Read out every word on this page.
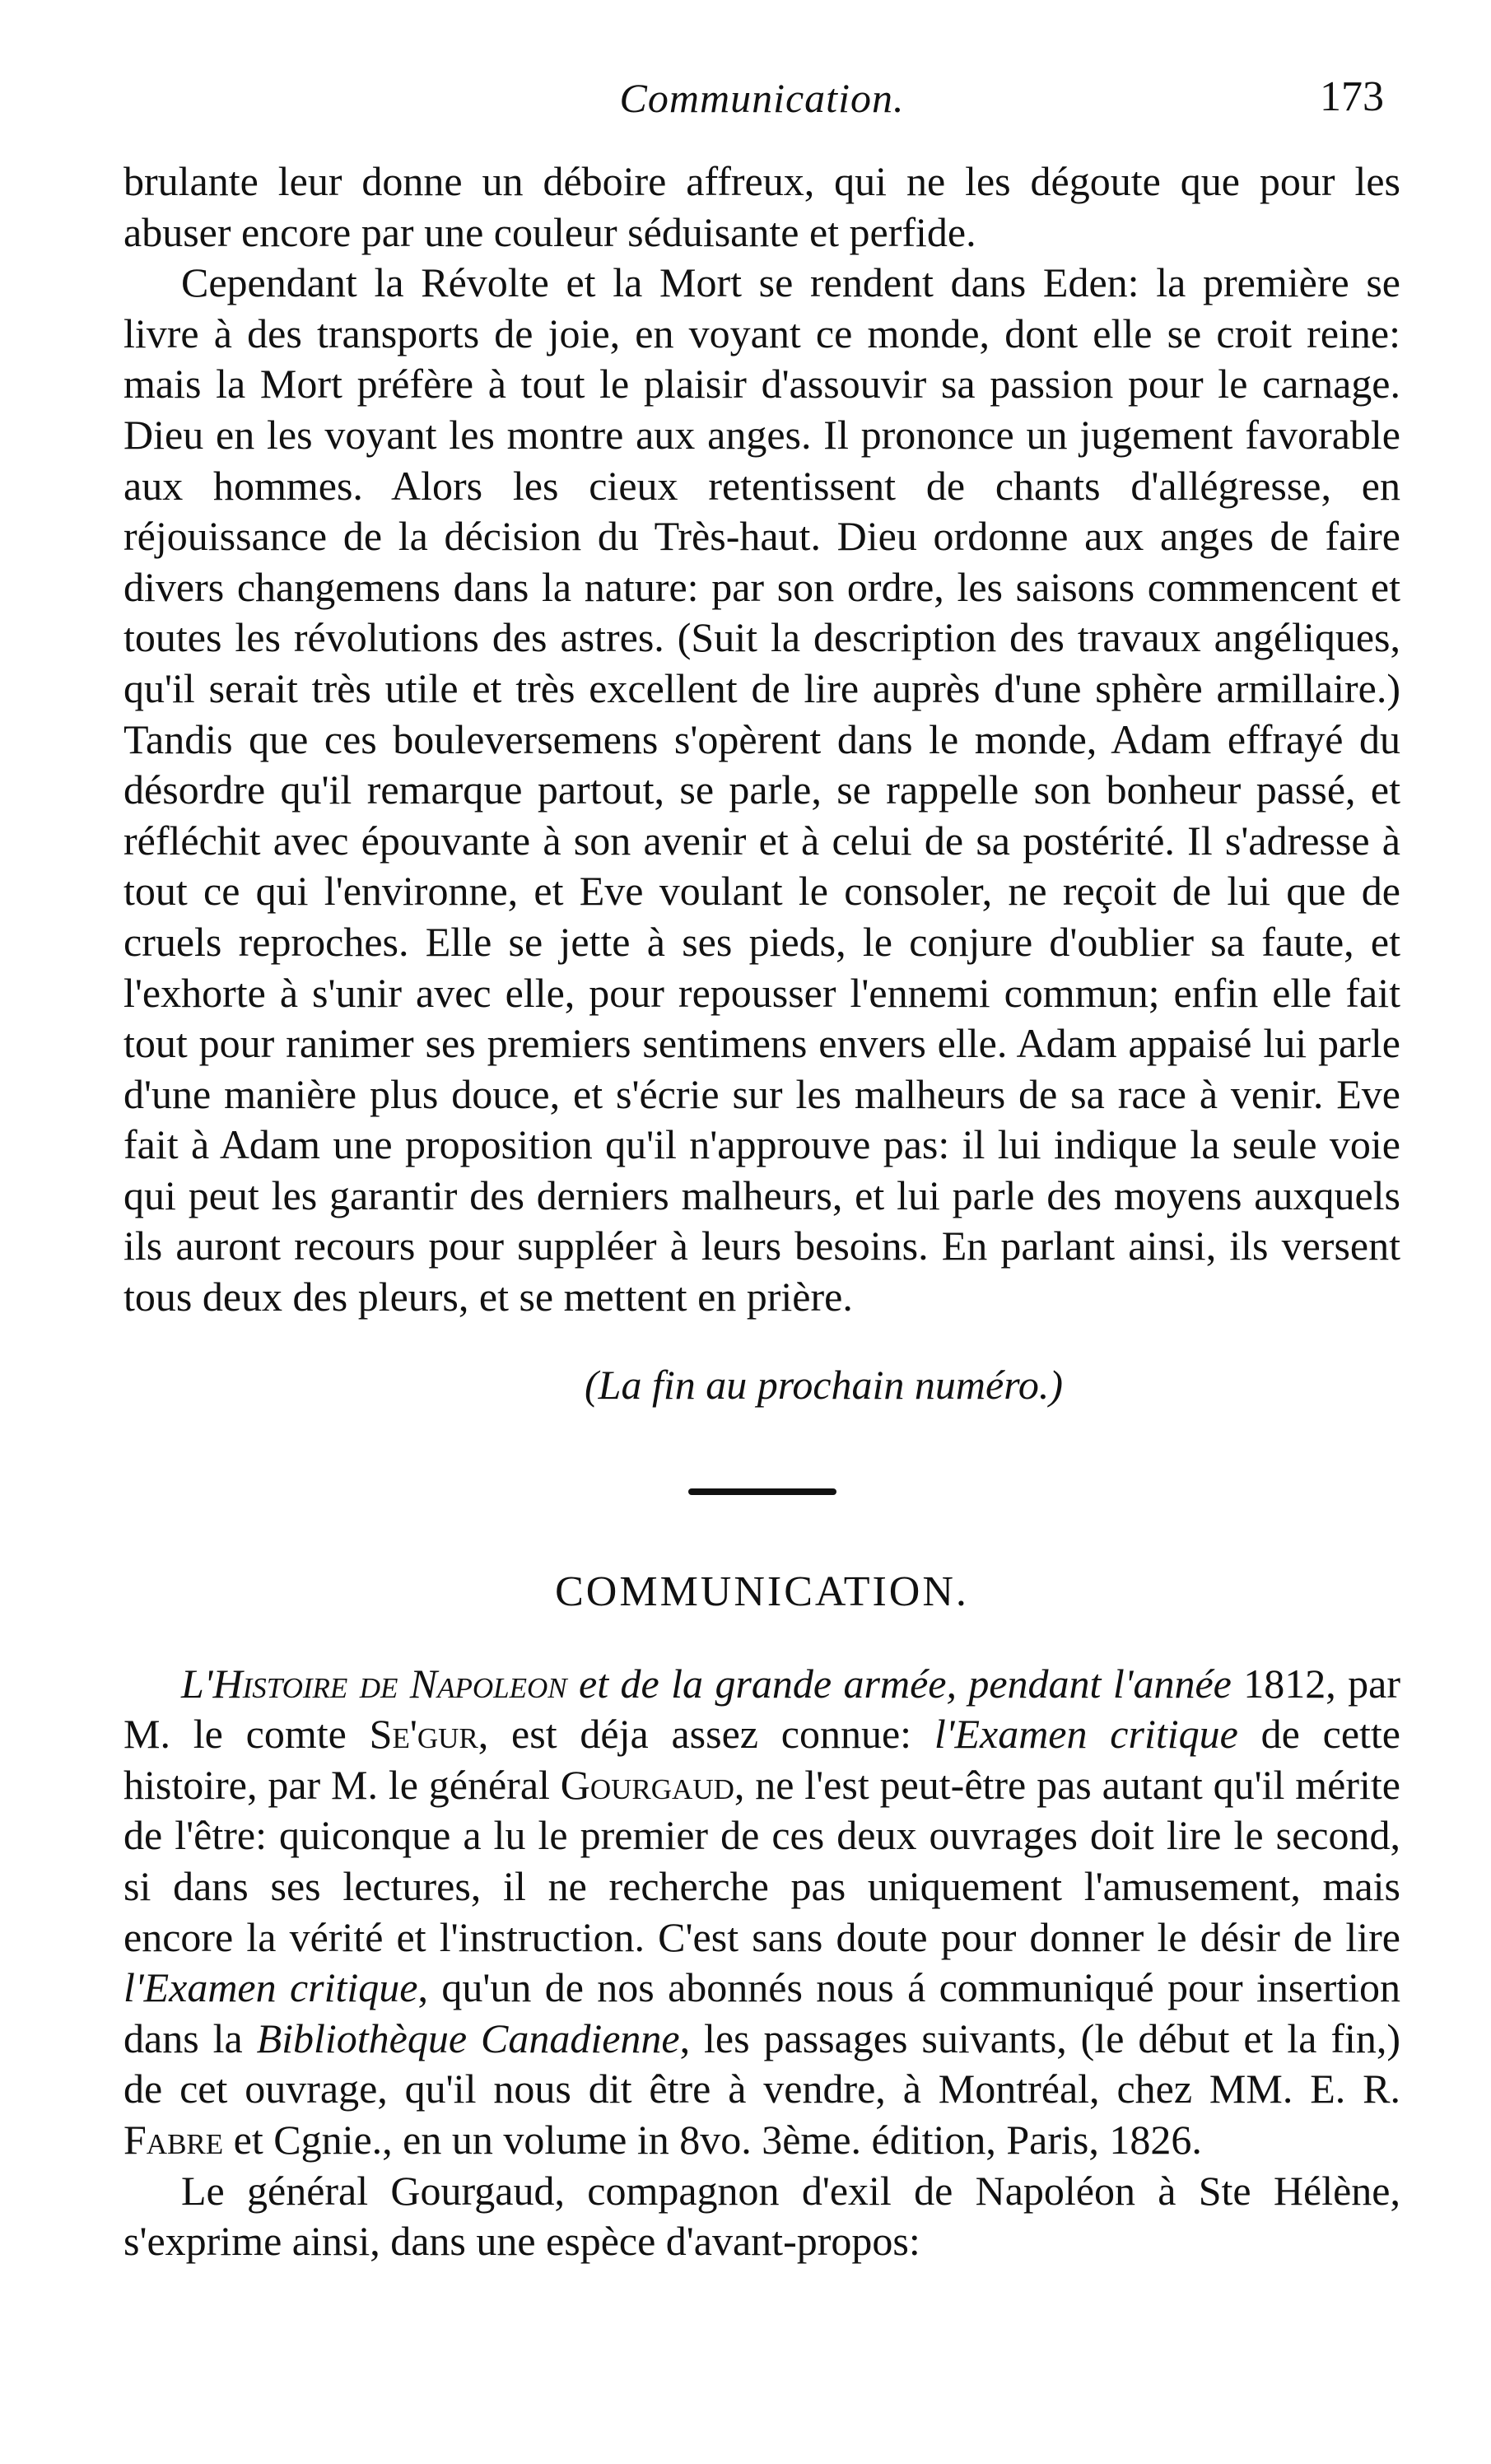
Communication.	173

brulante leur donne un déboire affreux, qui ne les dégoute que pour les abuser encore par une couleur séduisante et perfide.

Cependant la Révolte et la Mort se rendent dans Eden: la première se livre à des transports de joie, en voyant ce monde, dont elle se croit reine: mais la Mort préfère à tout le plaisir d'assouvir sa passion pour le carnage. Dieu en les voyant les montre aux anges. Il prononce un jugement favorable aux hommes. Alors les cieux retentissent de chants d'allégresse, en réjouissance de la décision du Très-haut. Dieu ordonne aux anges de faire divers changemens dans la nature: par son ordre, les saisons commencent et toutes les révolutions des astres. (Suit la description des travaux angéliques, qu'il serait très utile et très excellent de lire auprès d'une sphère armillaire.) Tandis que ces bouleversemens s'opèrent dans le monde, Adam effrayé du désordre qu'il remarque partout, se parle, se rappelle son bonheur passé, et réfléchit avec épouvante à son avenir et à celui de sa postérité. Il s'adresse à tout ce qui l'environne, et Eve voulant le consoler, ne reçoit de lui que de cruels reproches. Elle se jette à ses pieds, le conjure d'oublier sa faute, et l'exhorte à s'unir avec elle, pour repousser l'ennemi commun; enfin elle fait tout pour ranimer ses premiers sentimens envers elle. Adam appaisé lui parle d'une manière plus douce, et s'écrie sur les malheurs de sa race à venir. Eve fait à Adam une proposition qu'il n'approuve pas: il lui indique la seule voie qui peut les garantir des derniers malheurs, et lui parle des moyens auxquels ils auront recours pour suppléer à leurs besoins. En parlant ainsi, ils versent tous deux des pleurs, et se mettent en prière.

(La fin au prochain numéro.)
COMMUNICATION.

L'Histoire de Napoleon et de la grande armée, pendant l'année 1812, par M. le comte Se'gur, est déja assez connue: l'Examen critique de cette histoire, par M. le général Gourgaud, ne l'est peut-être pas autant qu'il mérite de l'être: quiconque a lu le premier de ces deux ouvrages doit lire le second, si dans ses lectures, il ne recherche pas uniquement l'amusement, mais encore la vérité et l'instruction. C'est sans doute pour donner le désir de lire l'Examen critique, qu'un de nos abonnés nous á communiqué pour insertion dans la Bibliothèque Canadienne, les passages suivants, (le début et la fin,) de cet ouvrage, qu'il nous dit être à vendre, à Montréal, chez MM. E. R. Fabre et Cgnie., en un volume in 8vo. 3ème. édition, Paris, 1826.

Le général Gourgaud, compagnon d'exil de Napoléon à Ste Hélène, s'exprime ainsi, dans une espèce d'avant-propos:
